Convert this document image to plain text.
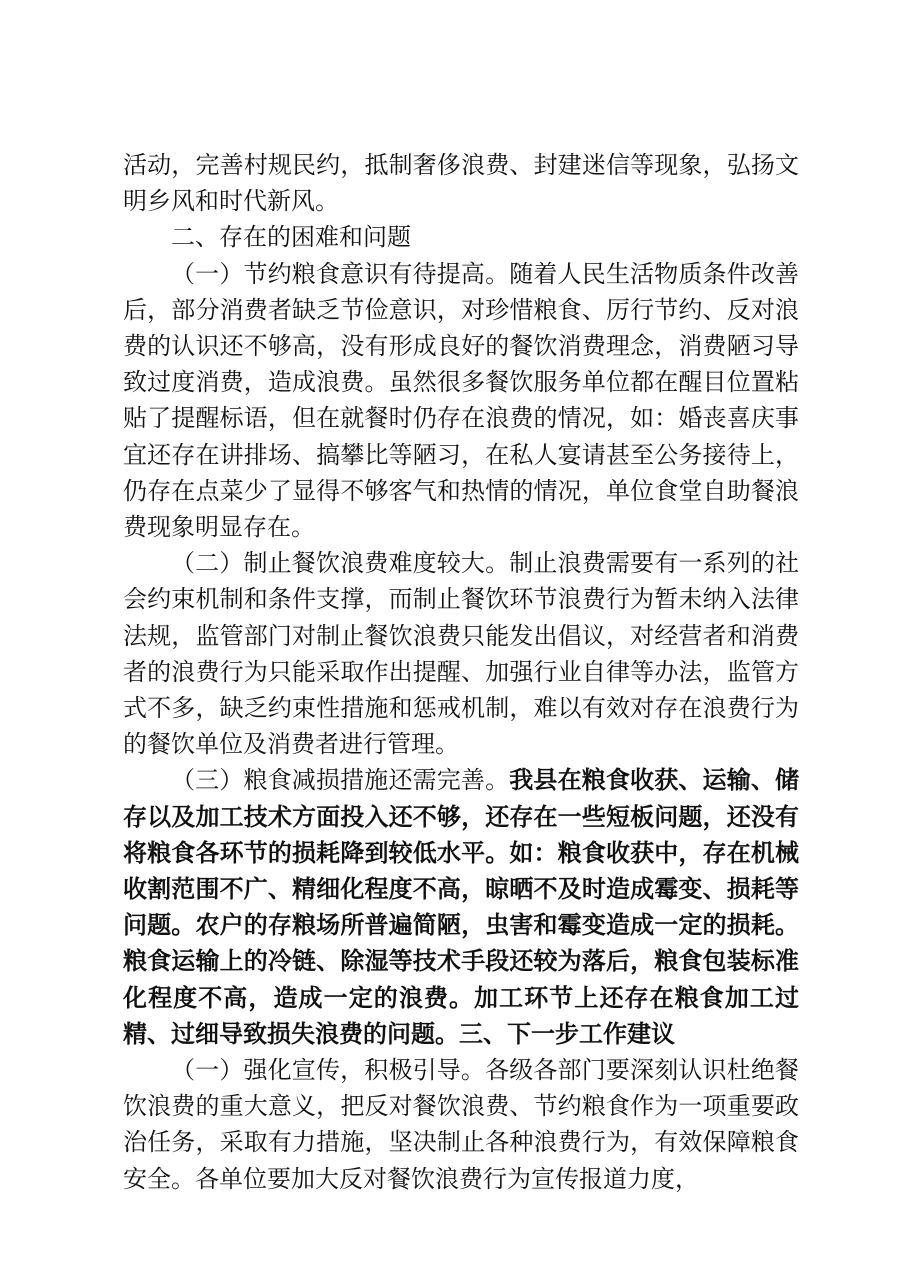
活动，完善村规民约，抵制奢侈浪费、封建迷信等现象，弘扬文明乡风和时代新风。

二、存在的困难和问题

（一）节约粮食意识有待提高。随着人民生活物质条件改善后，部分消费者缺乏节俭意识，对珍惜粮食、厉行节约、反对浪费的认识还不够高，没有形成良好的餐饮消费理念，消费陋习导致过度消费，造成浪费。虽然很多餐饮服务单位都在醒目位置粘贴了提醒标语，但在就餐时仍存在浪费的情况，如：婚丧喜庆事宜还存在讲排场、搞攀比等陋习，在私人宴请甚至公务接待上，仍存在点菜少了显得不够客气和热情的情况，单位食堂自助餐浪费现象明显存在。

（二）制止餐饮浪费难度较大。制止浪费需要有一系列的社会约束机制和条件支撑，而制止餐饮环节浪费行为暂未纳入法律法规，监管部门对制止餐饮浪费只能发出倡议，对经营者和消费者的浪费行为只能采取作出提醒、加强行业自律等办法，监管方式不多，缺乏约束性措施和惩戒机制，难以有效对存在浪费行为的餐饮单位及消费者进行管理。

（三）粮食减损措施还需完善。我县在粮食收获、运输、储存以及加工技术方面投入还不够，还存在一些短板问题，还没有将粮食各环节的损耗降到较低水平。如：粮食收获中，存在机械收割范围不广、精细化程度不高，晾晒不及时造成霉变、损耗等问题。农户的存粮场所普遍简陋，虫害和霉变造成一定的损耗。粮食运输上的冷链、除湿等技术手段还较为落后，粮食包装标准化程度不高，造成一定的浪费。加工环节上还存在粮食加工过精、过细导致损失浪费的问题。三、下一步工作建议

（一）强化宣传，积极引导。各级各部门要深刻认识杜绝餐饮浪费的重大意义，把反对餐饮浪费、节约粮食作为一项重要政治任务，采取有力措施，坚决制止各种浪费行为，有效保障粮食安全。各单位要加大反对餐饮浪费行为宣传报道力度，
